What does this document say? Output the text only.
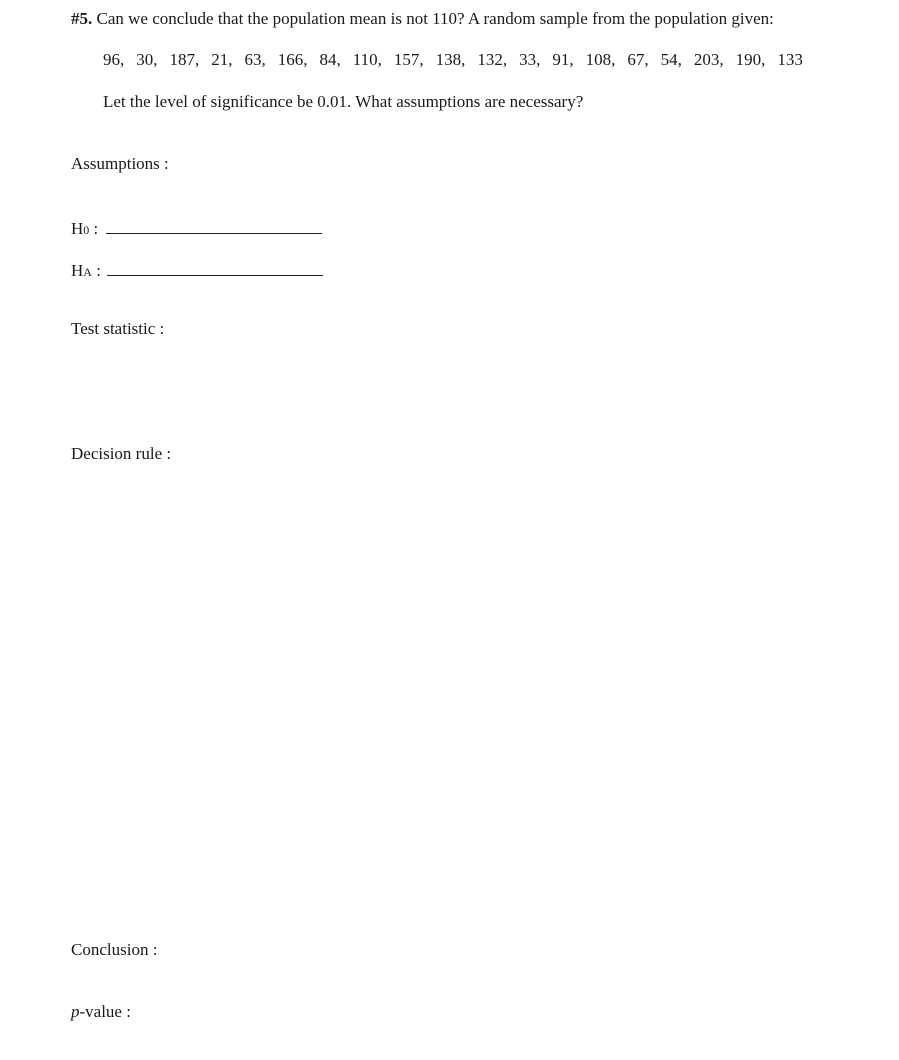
#5. Can we conclude that the population mean is not 110? A random sample from the population given:
96 , 30 , 187 , 21 , 63 , 166 , 84 , 110 , 157 , 138 , 132 , 33 , 91 , 108 , 67 , 54 , 203 , 190 , 133
Let the level of significance be 0.01. What assumptions are necessary?
Assumptions :
H0 :
HA :
Test statistic :
Decision rule :
Conclusion :
p-value :
